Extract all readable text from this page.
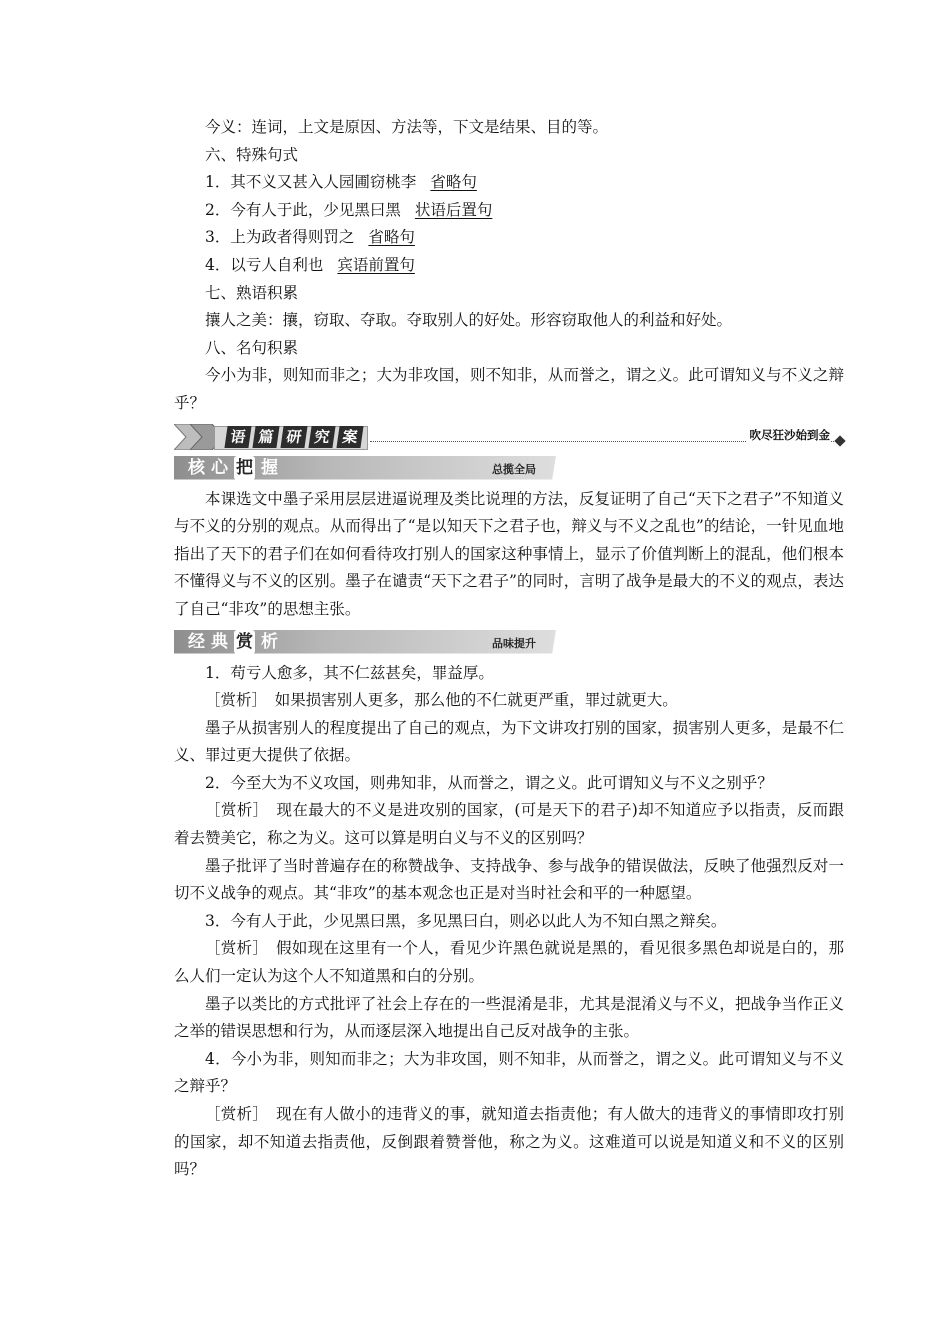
今义：连词，上文是原因、方法等，下文是结果、目的等。

六、特殊句式

1．其不义又甚入人园圃窃桃李 省略句

2．今有人于此，少见黑曰黑 状语后置句

3．上为政者得则罚之 省略句

4．以亏人自利也 宾语前置句

七、熟语积累

攘人之美：攘，窃取、夺取。夺取别人的好处。形容窃取他人的利益和好处。

八、名句积累

今小为非，则知而非之；大为非攻国，则不知非，从而誉之，谓之义。此可谓知义与不义之辩乎？

语 篇 研 究 案	吹尽狂沙始到金
核心 把 握	总揽全局

本课选文中墨子采用层层进逼说理及类比说理的方法，反复证明了自己“天下之君子”不知道义与不义的分别的观点。从而得出了“是以知天下之君子也，辩义与不义之乱也”的结论，一针见血地指出了天下的君子们在如何看待攻打别人的国家这种事情上，显示了价值判断上的混乱，他们根本不懂得义与不义的区别。墨子在谴责“天下之君子”的同时，言明了战争是最大的不义的观点，表达了自己“非攻”的思想主张。

经典 赏 析	品味提升

1．苟亏人愈多，其不仁兹甚矣，罪益厚。

［赏析］　如果损害别人更多，那么他的不仁就更严重，罪过就更大。

墨子从损害别人的程度提出了自己的观点，为下文讲攻打别的国家，损害别人更多，是最不仁义、罪过更大提供了依据。

2．今至大为不义攻国，则弗知非，从而誉之，谓之义。此可谓知义与不义之别乎？

［赏析］　现在最大的不义是进攻别的国家，(可是天下的君子)却不知道应予以指责，反而跟着去赞美它，称之为义。这可以算是明白义与不义的区别吗？

墨子批评了当时普遍存在的称赞战争、支持战争、参与战争的错误做法，反映了他强烈反对一切不义战争的观点。其“非攻”的基本观念也正是对当时社会和平的一种愿望。

3．今有人于此，少见黑曰黑，多见黑曰白，则必以此人为不知白黑之辩矣。

［赏析］　假如现在这里有一个人，看见少许黑色就说是黑的，看见很多黑色却说是白的，那么人们一定认为这个人不知道黑和白的分别。

墨子以类比的方式批评了社会上存在的一些混淆是非，尤其是混淆义与不义，把战争当作正义之举的错误思想和行为，从而逐层深入地提出自己反对战争的主张。

4．今小为非，则知而非之；大为非攻国，则不知非，从而誉之，谓之义。此可谓知义与不义之辩乎？

［赏析］　现在有人做小的违背义的事，就知道去指责他；有人做大的违背义的事情即攻打别的国家，却不知道去指责他，反倒跟着赞誉他，称之为义。这难道可以说是知道义和不义的区别吗？
